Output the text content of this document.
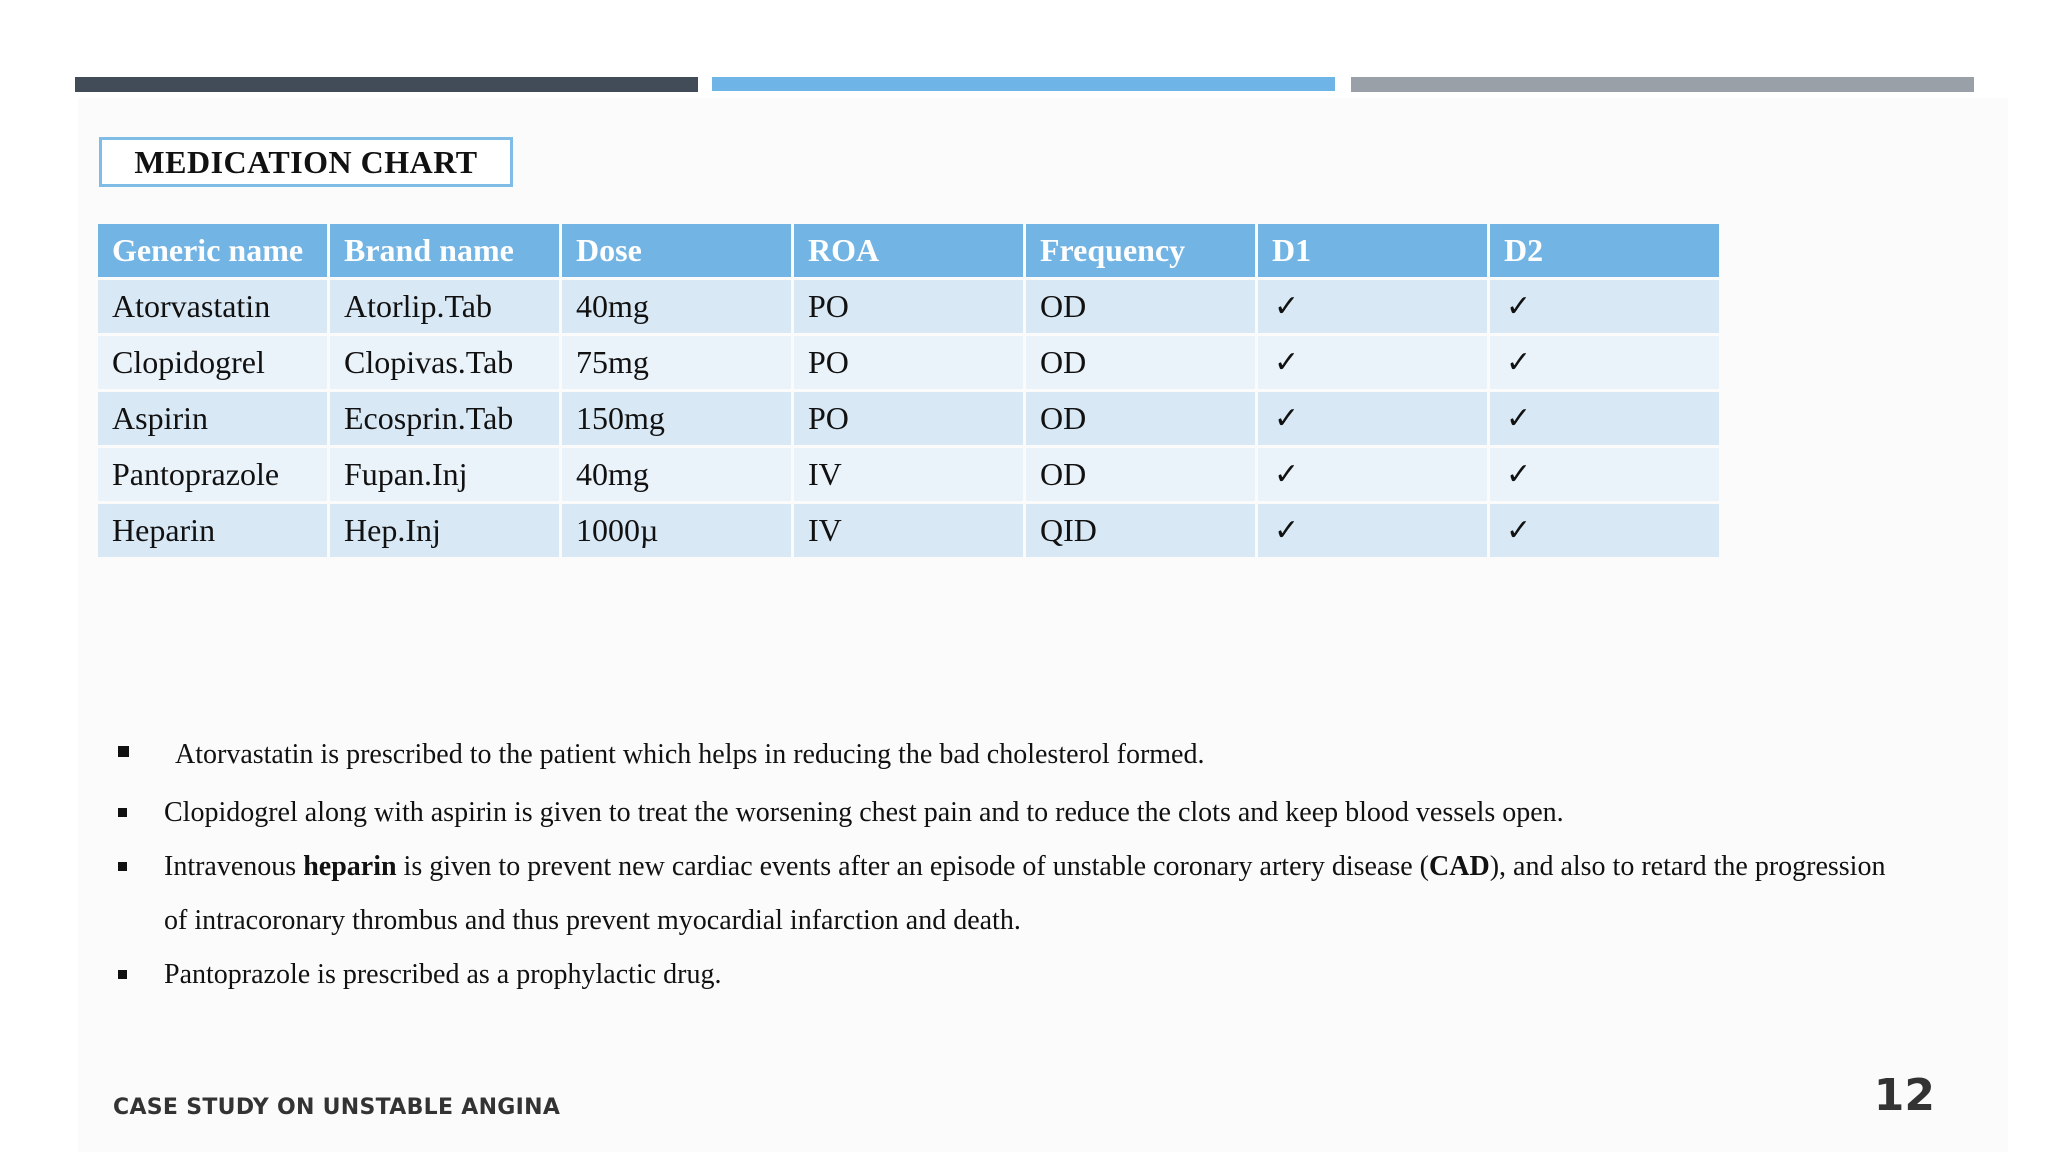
MEDICATION CHART
Generic name	Brand name	Dose	ROA	Frequency	D1	D2
Atorvastatin	Atorlip.Tab	40mg	PO	OD	✓	✓
Clopidogrel	Clopivas.Tab	75mg	PO	OD	✓	✓
Aspirin	Ecosprin.Tab	150mg	PO	OD	✓	✓
Pantoprazole	Fupan.Inj	40mg	IV	OD	✓	✓
Heparin	Hep.Inj	1000µ	IV	QID	✓	✓
Atorvastatin is prescribed to the patient which helps in reducing the bad cholesterol formed.
Clopidogrel along with aspirin is given to treat the worsening chest pain and to reduce the clots and keep blood vessels open.
Intravenous heparin is given to prevent new cardiac events after an episode of unstable coronary artery disease (CAD), and also to retard the progression of intracoronary thrombus and thus prevent myocardial infarction and death.
Pantoprazole is prescribed as a prophylactic drug.
CASE STUDY ON UNSTABLE ANGINA	12
